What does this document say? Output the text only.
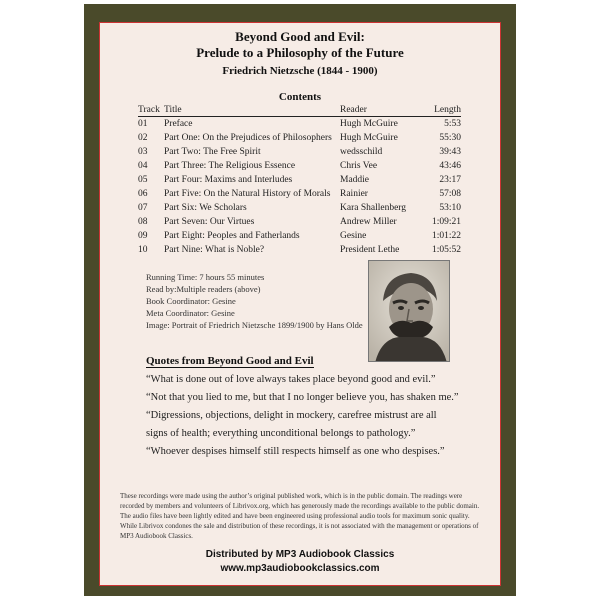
Beyond Good and Evil:
Prelude to a Philosophy of the Future
Friedrich Nietzsche (1844 - 1900)
Contents
Track	Title	Reader	Length
01	Preface	Hugh McGuire	5:53
02	Part One: On the Prejudices of Philosophers	Hugh McGuire	55:30
03	Part Two: The Free Spirit	wedsschild	39:43
04	Part Three: The Religious Essence	Chris Vee	43:46
05	Part Four: Maxims and Interludes	Maddie	23:17
06	Part Five: On the Natural History of Morals	Rainier	57:08
07	Part Six: We Scholars	Kara Shallenberg	53:10
08	Part Seven: Our Virtues	Andrew Miller	1:09:21
09	Part Eight: Peoples and Fatherlands	Gesine	1:01:22
10	Part Nine: What is Noble?	President Lethe	1:05:52
Running Time: 7 hours 55 minutes
Read by:Multiple readers (above)
Book Coordinator: Gesine
Meta Coordinator: Gesine
Image: Portrait of Friedrich Nietzsche 1899/1900 by Hans Olde
Quotes from Beyond Good and Evil
“What is done out of love always takes place beyond good and evil.”
“Not that you lied to me, but that I no longer believe you, has shaken me.”
“Digressions, objections, delight in mockery, carefree mistrust are all
signs of health; everything unconditional belongs to pathology.”
“Whoever despises himself still respects himself as one who despises.”
These recordings were made using the author’s original published work, which is in the public domain. The readings were recorded by members and volunteers of Librivox.org, which has generously made the recordings available to the public domain. The audio files have been lightly edited and have been engineered using professional audio tools for maximum sonic quality. While Librivox condones the sale and distribution of these recordings, it is not associated with the management or operations of MP3 Audiobook Classics.
Distributed by MP3 Audiobook Classics
www.mp3audiobookclassics.com
